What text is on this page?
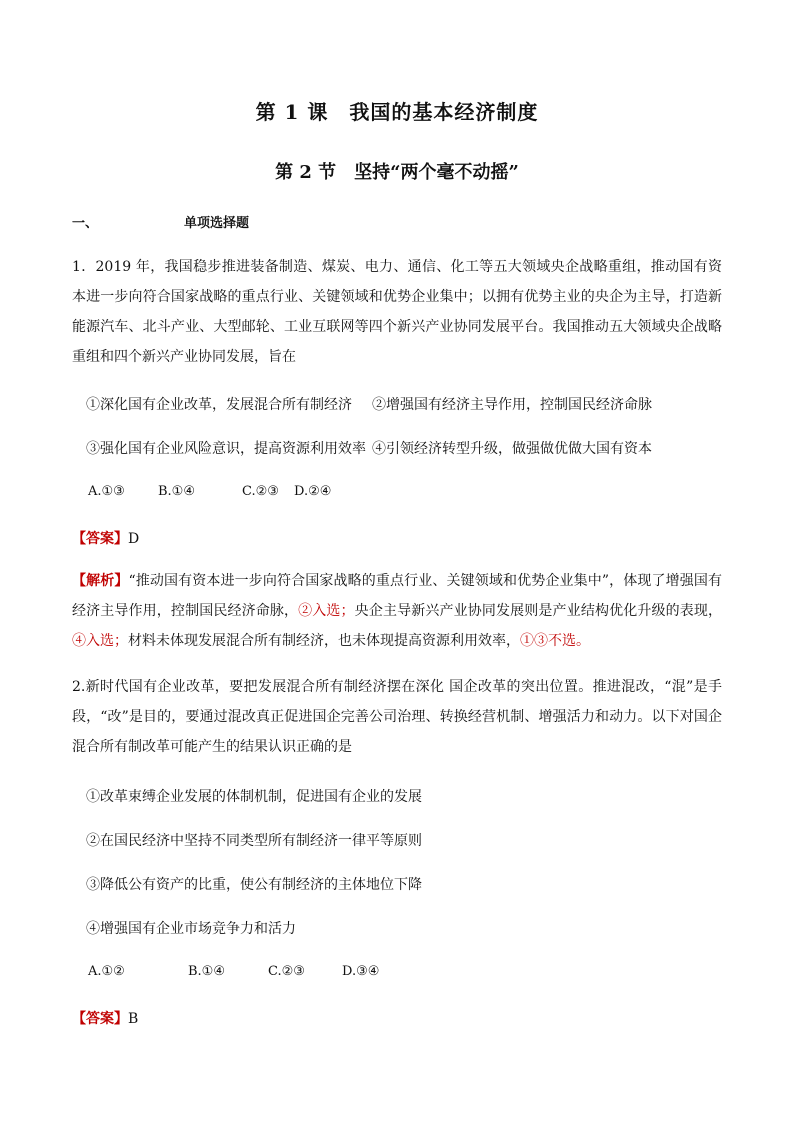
第 1 课　我国的基本经济制度
第 2 节　坚持“两个毫不动摇”
一、	单项选择题
1．2019 年，我国稳步推进装备制造、煤炭、电力、通信、化工等五大领域央企战略重组，推动国有资本进一步向符合国家战略的重点行业、关键领域和优势企业集中；以拥有优势主业的央企为主导，打造新能源汽车、北斗产业、大型邮轮、工业互联网等四个新兴产业协同发展平台。我国推动五大领域央企战略重组和四个新兴产业协同发展，旨在
①深化国有企业改革，发展混合所有制经济 ②增强国有经济主导作用，控制国民经济命脉
③强化国有企业风险意识，提高资源利用效率 ④引领经济转型升级，做强做优做大国有资本
A.①③	B.①④	C.②③ D.②④
【答案】D
【解析】“推动国有资本进一步向符合国家战略的重点行业、关键领域和优势企业集中”，体现了增强国有经济主导作用，控制国民经济命脉，②入选；央企主导新兴产业协同发展则是产业结构优化升级的表现，④入选；材料未体现发展混合所有制经济，也未体现提高资源利用效率，①③不选。
2.新时代国有企业改革，要把发展混合所有制经济摆在深化 国企改革的突出位置。推进混改，“混”是手段，“改”是目的，要通过混改真正促进国企完善公司治理、转换经营机制、增强活力和动力。以下对国企混合所有制改革可能产生的结果认识正确的是
①改革束缚企业发展的体制机制，促进国有企业的发展
②在国民经济中坚持不同类型所有制经济一律平等原则
③降低公有资产的比重，使公有制经济的主体地位下降
④增强国有企业市场竞争力和活力
A.①②	B.①④	C.②③	D.③④
【答案】B
